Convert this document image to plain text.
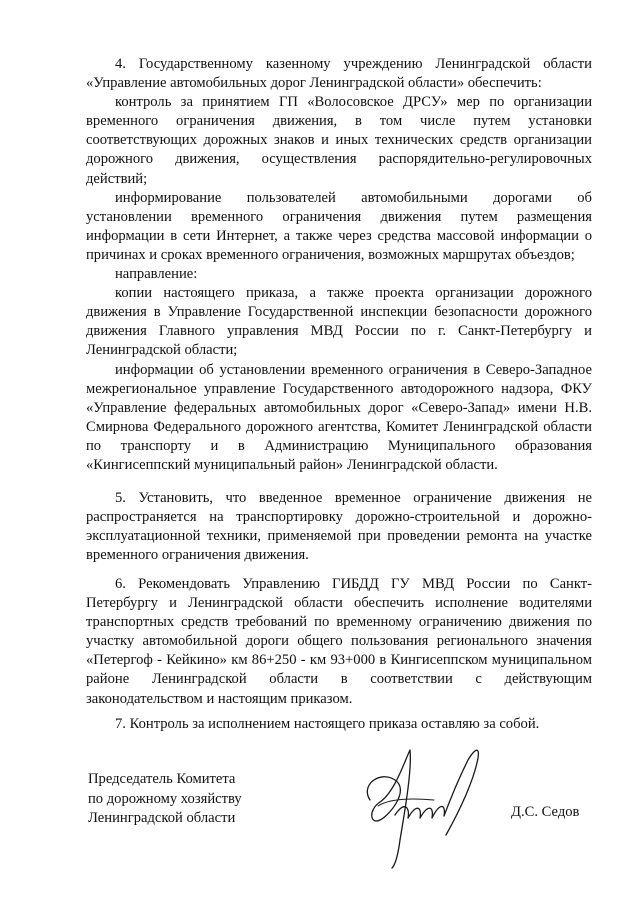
4. Государственному казенному учреждению Ленинградской области «Управление автомобильных дорог Ленинградской области» обеспечить:

контроль за принятием ГП «Волосовское ДРСУ» мер по организации временного ограничения движения, в том числе путем установки соответствующих дорожных знаков и иных технических средств организации дорожного движения, осуществления распорядительно-регулировочных действий;

информирование пользователей автомобильными дорогами об установлении временного ограничения движения путем размещения информации в сети Интернет, а также через средства массовой информации о причинах и сроках временного ограничения, возможных маршрутах объездов;

направление:

копии настоящего приказа, а также проекта организации дорожного движения в Управление Государственной инспекции безопасности дорожного движения Главного управления МВД России по г. Санкт-Петербургу и Ленинградской области;

информации об установлении временного ограничения в Северо-Западное межрегиональное управление Государственного автодорожного надзора, ФКУ «Управление федеральных автомобильных дорог «Северо-Запад» имени Н.В. Смирнова Федерального дорожного агентства, Комитет Ленинградской области по транспорту и в Администрацию Муниципального образования «Кингисеппский муниципальный район» Ленинградской области.

5. Установить, что введенное временное ограничение движения не распространяется на транспортировку дорожно-строительной и дорожно-эксплуатационной техники, применяемой при проведении ремонта на участке временного ограничения движения.

6. Рекомендовать Управлению ГИБДД ГУ МВД России по Санкт-Петербургу и Ленинградской области обеспечить исполнение водителями транспортных средств требований по временному ограничению движения по участку автомобильной дороги общего пользования регионального значения «Петергоф - Кейкино» км 86+250 - км 93+000 в Кингисеппском муниципальном районе Ленинградской области в соответствии с действующим законодательством и настоящим приказом.

7. Контроль за исполнением настоящего приказа оставляю за собой.

Председатель Комитета
по дорожному хозяйству
Ленинградской области	Д.С. Седов
